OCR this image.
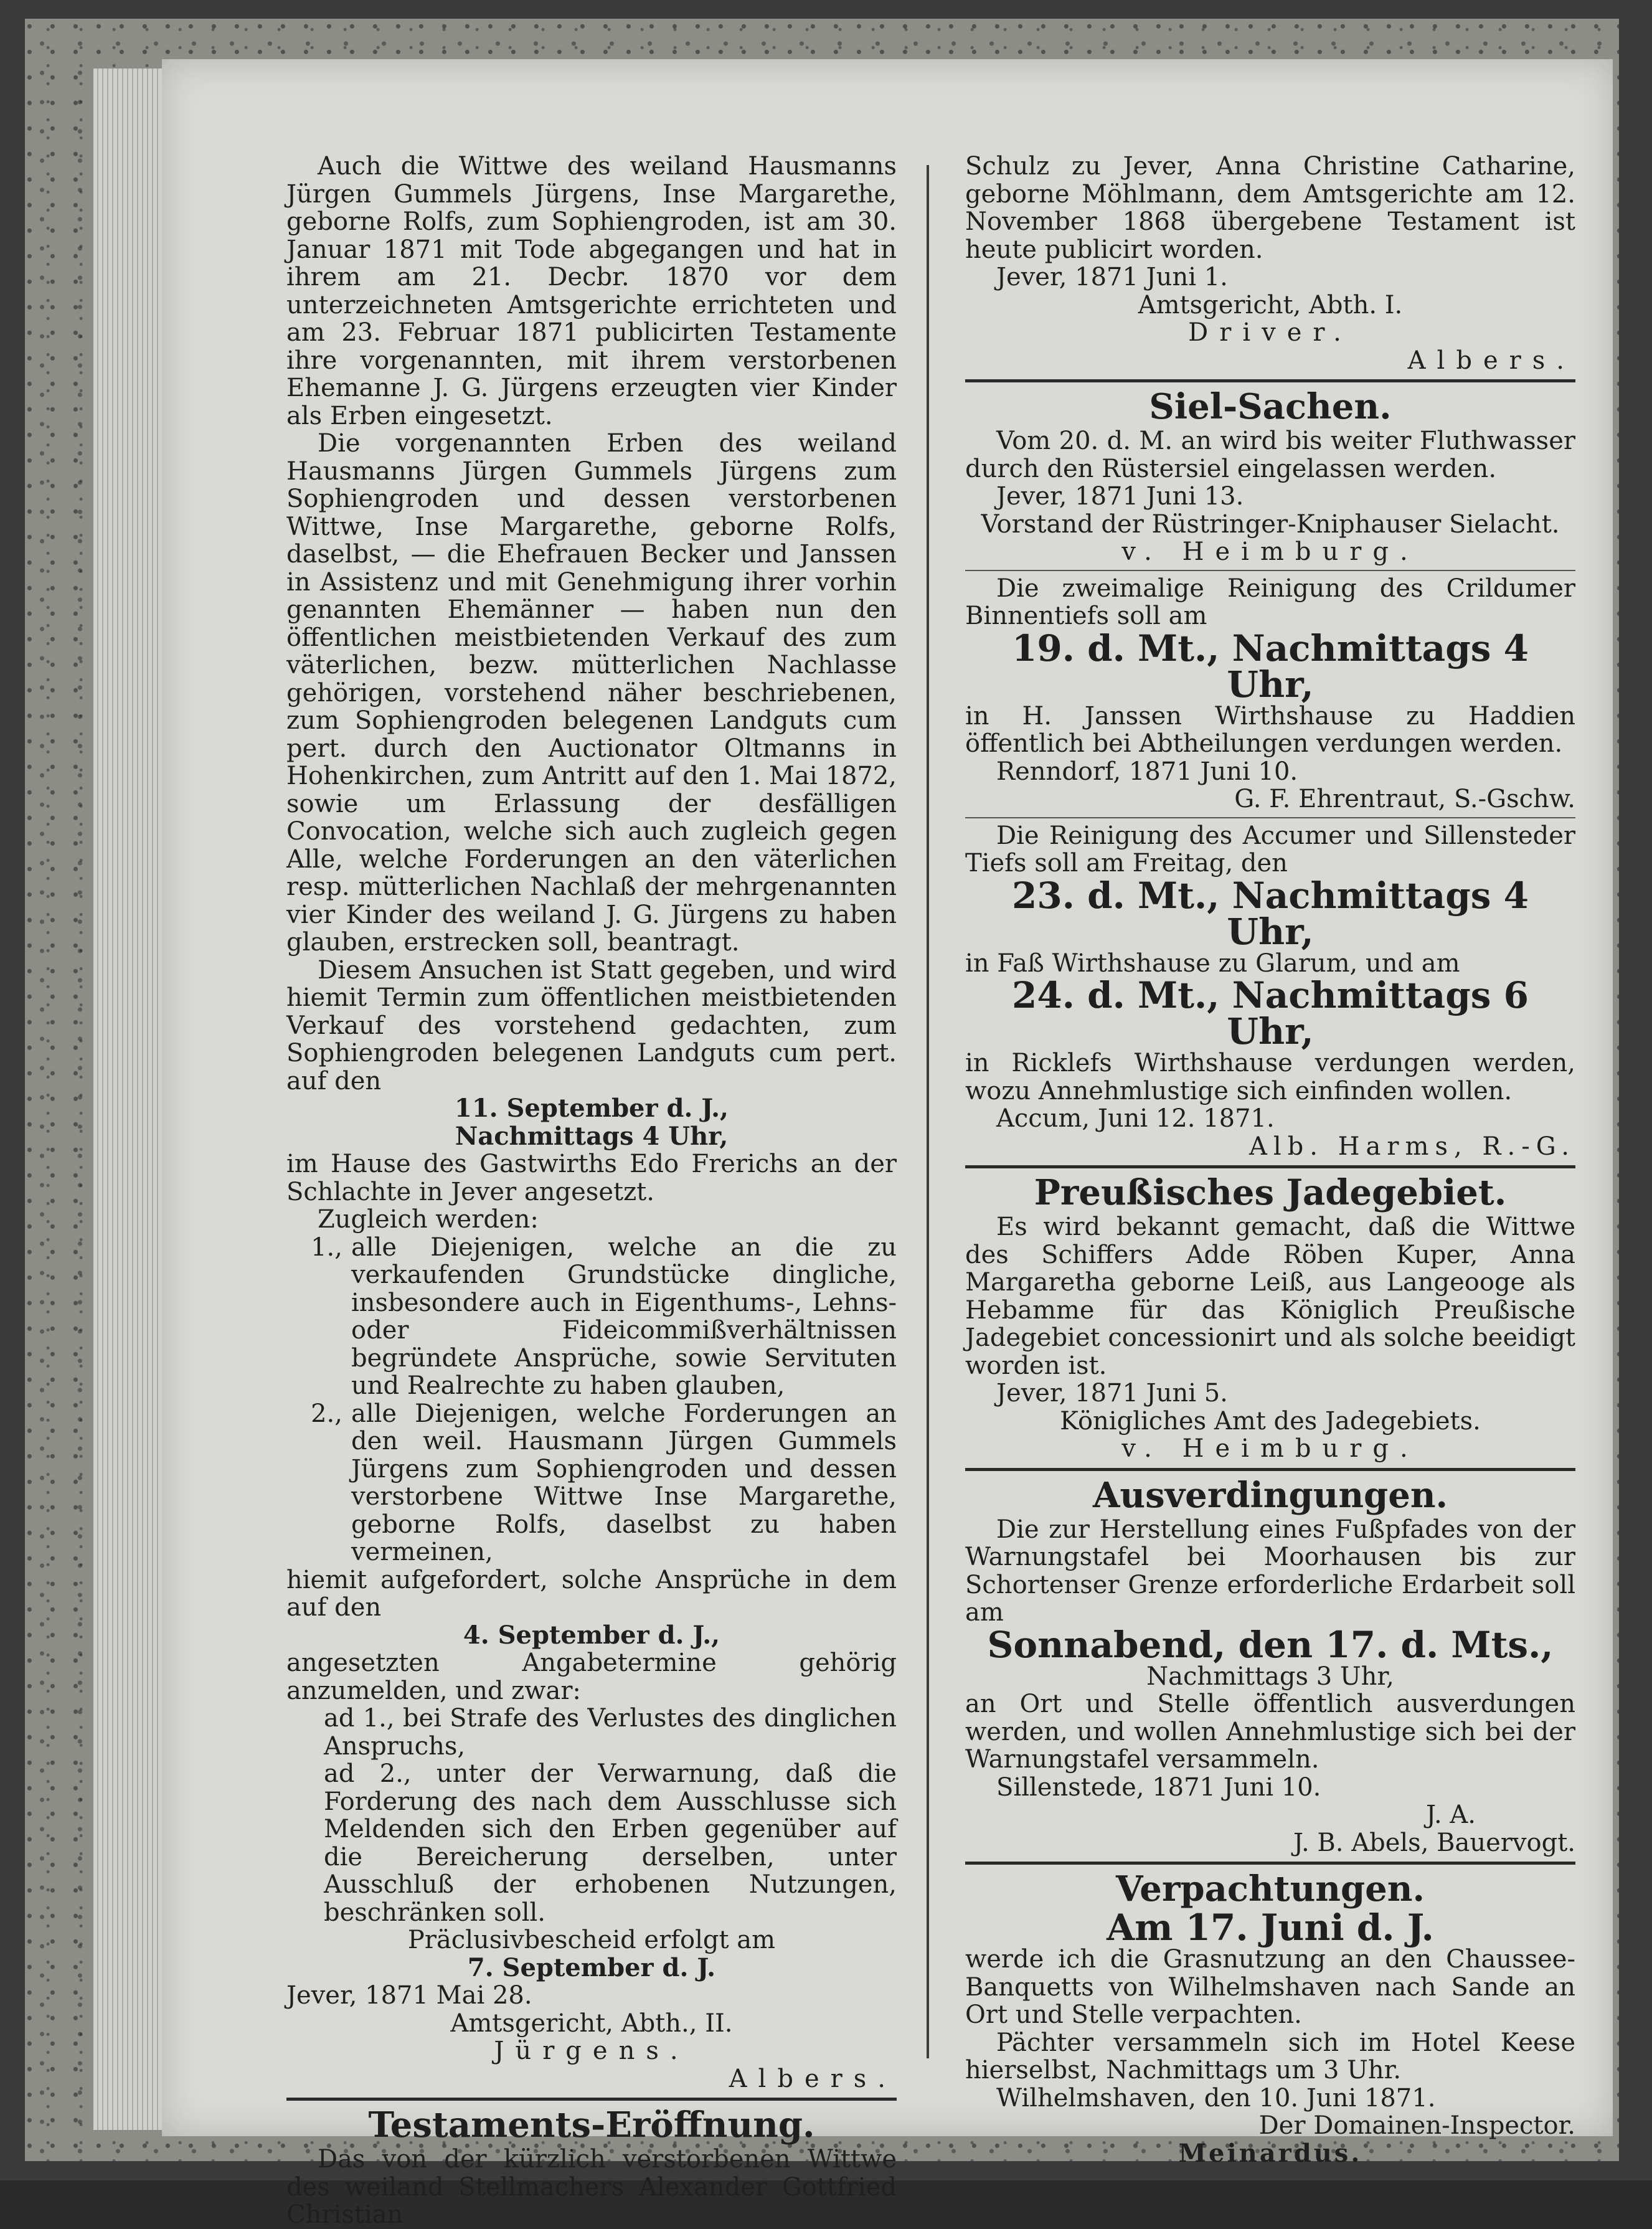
Auch die Wittwe des weiland Hausmanns Jürgen Gummels Jürgens, Inse Margarethe, geborne Rolfs, zum Sophiengroden, ist am 30. Januar 1871 mit Tode abgegangen und hat in ihrem am 21. Decbr. 1870 vor dem unterzeichneten Amtsgerichte errichteten und am 23. Februar 1871 publicirten Testamente ihre vorgenannten, mit ihrem verstorbenen Ehemanne J. G. Jürgens erzeugten vier Kinder als Erben eingesetzt.

Die vorgenannten Erben des weiland Hausmanns Jürgen Gummels Jürgens zum Sophiengroden und dessen verstorbenen Wittwe, Inse Margarethe, geborne Rolfs, daselbst, — die Ehefrauen Becker und Janssen in Assistenz und mit Genehmigung ihrer vorhin genannten Ehemänner — haben nun den öffentlichen meistbietenden Verkauf des zum väterlichen, bezw. mütterlichen Nachlasse gehörigen, vorstehend näher beschriebenen, zum Sophiengroden belegenen Landguts cum pert. durch den Auctionator Oltmanns in Hohenkirchen, zum Antritt auf den 1. Mai 1872, sowie um Erlassung der desfälligen Convocation, welche sich auch zugleich gegen Alle, welche Forderungen an den väterlichen resp. mütterlichen Nachlaß der mehrgenannten vier Kinder des weiland J. G. Jürgens zu haben glauben, erstrecken soll, beantragt.

Diesem Ansuchen ist Statt gegeben, und wird hiemit Termin zum öffentlichen meistbietenden Verkauf des vorstehend gedachten, zum Sophiengroden belegenen Landguts cum pert. auf den

11. September d. J.,

Nachmittags 4 Uhr,

im Hause des Gastwirths Edo Frerichs an der Schlachte in Jever angesetzt.

Zugleich werden:

1., alle Diejenigen, welche an die zu verkaufenden Grundstücke dingliche, insbesondere auch in Eigenthums-, Lehns- oder Fideicommißverhältnissen begründete Ansprüche, sowie Servituten und Realrechte zu haben glauben,
2., alle Diejenigen, welche Forderungen an den weil. Hausmann Jürgen Gummels Jürgens zum Sophiengroden und dessen verstorbene Wittwe Inse Margarethe, geborne Rolfs, daselbst zu haben vermeinen,

hiemit aufgefordert, solche Ansprüche in dem auf den

4. September d. J.,

angesetzten Angabetermine gehörig anzumelden, und zwar:

ad 1., bei Strafe des Verlustes des dinglichen Anspruchs,

ad 2., unter der Verwarnung, daß die Forderung des nach dem Ausschlusse sich Meldenden sich den Erben gegenüber auf die Bereicherung derselben, unter Ausschluß der erhobenen Nutzungen, beschränken soll.

Präclusivbescheid erfolgt am

7. September d. J.

Jever, 1871 Mai 28.

Amtsgericht, Abth., II.

Jürgens.

Albers.

Testaments-Eröffnung.

Das von der kürzlich verstorbenen Wittwe des weiland Stellmachers Alexander Gottfried Christian

Schulz zu Jever, Anna Christine Catharine, geborne Möhlmann, dem Amtsgerichte am 12. November 1868 übergebene Testament ist heute publicirt worden.

Jever, 1871 Juni 1.

Amtsgericht, Abth. I.

Driver.

Albers.

Siel-Sachen.

Vom 20. d. M. an wird bis weiter Fluthwasser durch den Rüstersiel eingelassen werden.

Jever, 1871 Juni 13.

Vorstand der Rüstringer-Kniphauser Sielacht.

v. Heimburg.

Die zweimalige Reinigung des Crildumer Binnentiefs soll am

19. d. Mt., Nachmittags 4 Uhr,

in H. Janssen Wirthshause zu Haddien öffentlich bei Abtheilungen verdungen werden.

Renndorf, 1871 Juni 10.

G. F. Ehrentraut, S.-Gschw.

Die Reinigung des Accumer und Sillensteder Tiefs soll am Freitag, den

23. d. Mt., Nachmittags 4 Uhr,

in Faß Wirthshause zu Glarum, und am

24. d. Mt., Nachmittags 6 Uhr,

in Ricklefs Wirthshause verdungen werden, wozu Annehmlustige sich einfinden wollen.

Accum, Juni 12. 1871.

Alb. Harms, R.-G.

Preußisches Jadegebiet.

Es wird bekannt gemacht, daß die Wittwe des Schiffers Adde Röben Kuper, Anna Margaretha geborne Leiß, aus Langeooge als Hebamme für das Königlich Preußische Jadegebiet concessionirt und als solche beeidigt worden ist.

Jever, 1871 Juni 5.

Königliches Amt des Jadegebiets.

v. Heimburg.

Ausverdingungen.

Die zur Herstellung eines Fußpfades von der Warnungstafel bei Moorhausen bis zur Schortenser Grenze erforderliche Erdarbeit soll am

Sonnabend, den 17. d. Mts.,

Nachmittags 3 Uhr,

an Ort und Stelle öffentlich ausverdungen werden, und wollen Annehmlustige sich bei der Warnungstafel versammeln.

Sillenstede, 1871 Juni 10.

J. A.

J. B. Abels, Bauervogt.

Verpachtungen.

Am 17. Juni d. J.

werde ich die Grasnutzung an den Chaussee-Banquetts von Wilhelmshaven nach Sande an Ort und Stelle verpachten.

Pächter versammeln sich im Hotel Keese hierselbst, Nachmittags um 3 Uhr.

Wilhelmshaven, den 10. Juni 1871.

Der Domainen-Inspector.

Meinardus.
